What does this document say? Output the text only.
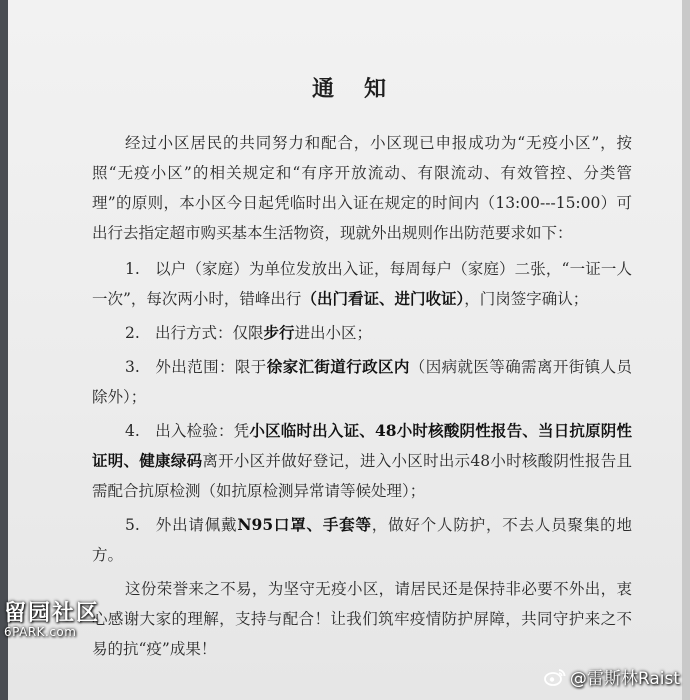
通知

经过小区居民的共同努力和配合，小区现已申报成功为“无疫小区”，按照“无疫小区”的相关规定和“有序开放流动、有限流动、有效管控、分类管理”的原则，本小区今日起凭临时出入证在规定的时间内（13:00---15:00）可出行去指定超市购买基本生活物资，现就外出规则作出防范要求如下：

1. 以户（家庭）为单位发放出入证，每周每户（家庭）二张，“一证一人一次”，每次两小时，错峰出行（出门看证、进门收证），门岗签字确认；

2. 出行方式：仅限步行进出小区；

3. 外出范围：限于徐家汇街道行政区内（因病就医等确需离开街镇人员除外）；

4. 出入检验：凭小区临时出入证、48小时核酸阴性报告、当日抗原阴性证明、健康绿码离开小区并做好登记，进入小区时出示48小时核酸阴性报告且需配合抗原检测（如抗原检测异常请等候处理）；

5. 外出请佩戴N95口罩、手套等，做好个人防护，不去人员聚集的地方。

这份荣誉来之不易，为坚守无疫小区，请居民还是保持非必要不外出，衷心感谢大家的理解，支持与配合！让我们筑牢疫情防护屏障，共同守护来之不易的抗“疫”成果！

留园社区
6PARK.com
@雷斯林Raist
